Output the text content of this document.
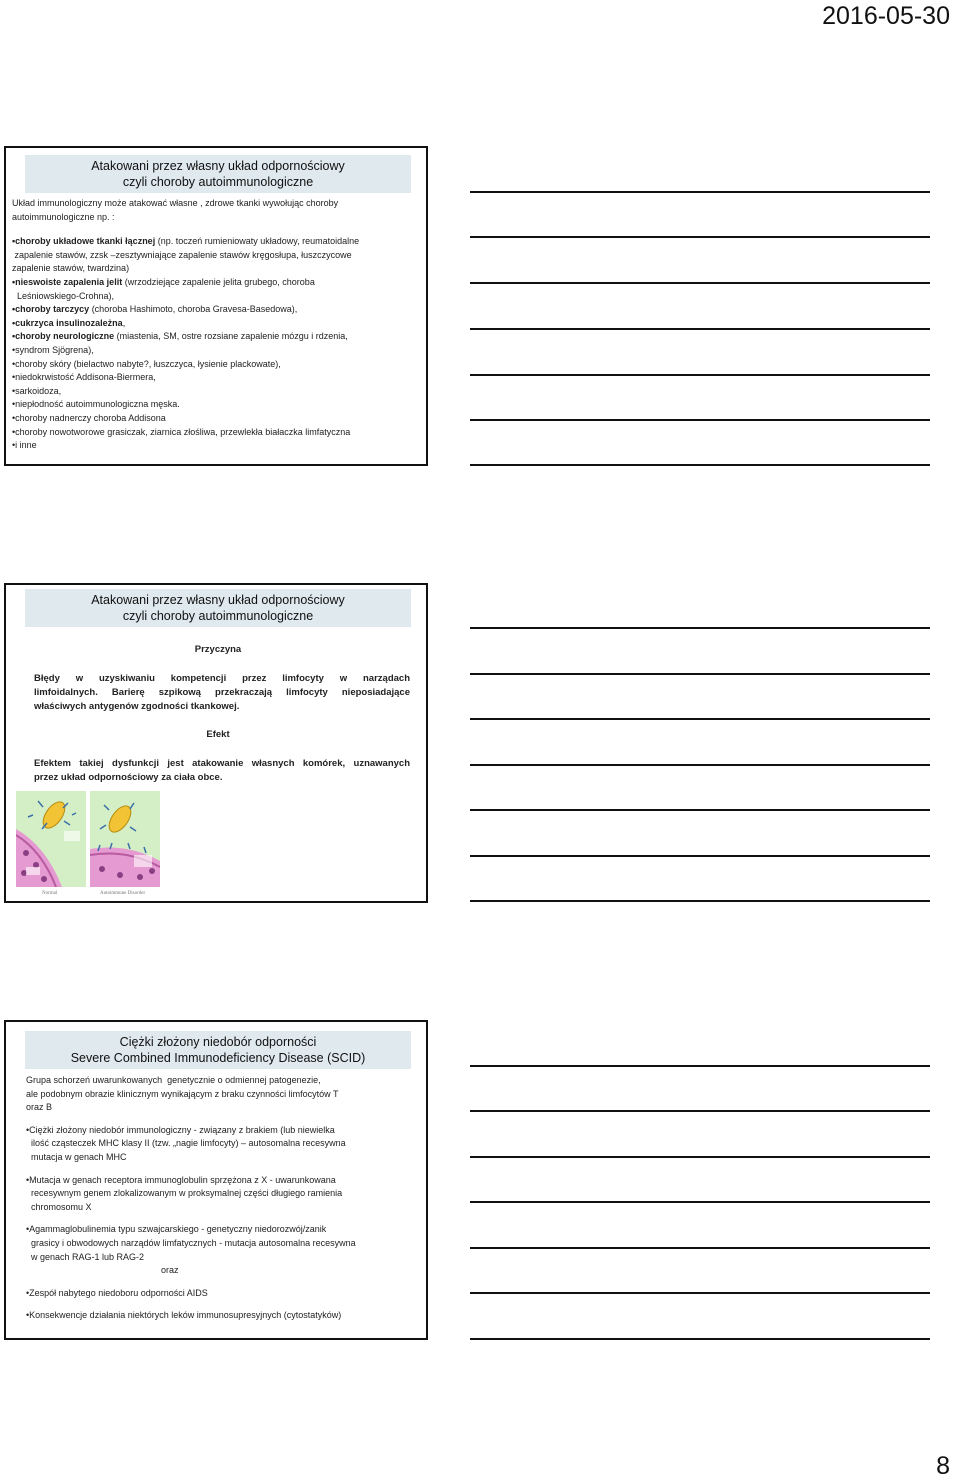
2016-05-30
Atakowani przez własny układ odpornościowy
czyli choroby autoimmunologiczne
Układ immunologiczny może atakować własne , zdrowe tkanki wywołując choroby
autoimmunologiczne np. :
•choroby układowe tkanki łącznej (np. toczeń rumieniowaty układowy, reumatoidalne
zapalenie stawów, zzsk –zesztywniające zapalenie stawów kręgosłupa, łuszczycowe
zapalenie stawów, twardzina)
•nieswoiste zapalenia jelit (wrzodziejące zapalenie jelita grubego, choroba
Leśniowskiego-Crohna),
•choroby tarczycy (choroba Hashimoto, choroba Gravesa-Basedowa),
•cukrzyca insulinozależna,
•choroby neurologiczne (miastenia, SM, ostre rozsiane zapalenie mózgu i rdzenia,
•syndrom Sjögrena),
•choroby skóry (bielactwo nabyte?, łuszczyca, łysienie plackowate),
•niedokrwistość Addisona-Biermera,
•sarkoidoza,
•niepłodność autoimmunologiczna męska.
•choroby nadnerczy choroba Addisona
•choroby nowotworowe grasiczak, ziarnica złośliwa, przewlekła białaczka limfatyczna
•i inne
Atakowani przez własny układ odpornościowy
czyli choroby autoimmunologiczne
Przyczyna
Błędy w uzyskiwaniu kompetencji przez limfocyty w narządach
limfoidalnych. Barierę szpikową przekraczają limfocyty nieposiadające
właściwych antygenów zgodności tkankowej.
Efekt
Efektem takiej dysfunkcji jest atakowanie własnych komórek, uznawanych
przez układ odpornościowy za ciała obce.
Normal	Autoimmune Disorder
Ciężki złożony niedobór odporności
Severe Combined Immunodeficiency Disease (SCID)
Grupa schorzeń uwarunkowanych  genetycznie o odmiennej patogenezie,
ale podobnym obrazie klinicznym wynikającym z braku czynności limfocytów T
oraz B
•Ciężki złożony niedobór immunologiczny - związany z brakiem (lub niewielka
ilość cząsteczek MHC klasy II (tzw. „nagie limfocyty) – autosomalna recesywna
mutacja w genach MHC
•Mutacja w genach receptora immunoglobulin sprzężona z X - uwarunkowana
recesywnym genem zlokalizowanym w proksymalnej części długiego ramienia
chromosomu X
•Agammaglobulinemia typu szwajcarskiego - genetyczny niedorozwój/zanik
grasicy i obwodowych narządów limfatycznych - mutacja autosomalna recesywna
w genach RAG-1 lub RAG-2
oraz
•Zespół nabytego niedoboru odporności AIDS
•Konsekwencje działania niektórych leków immunosupresyjnych (cytostatyków)
8
